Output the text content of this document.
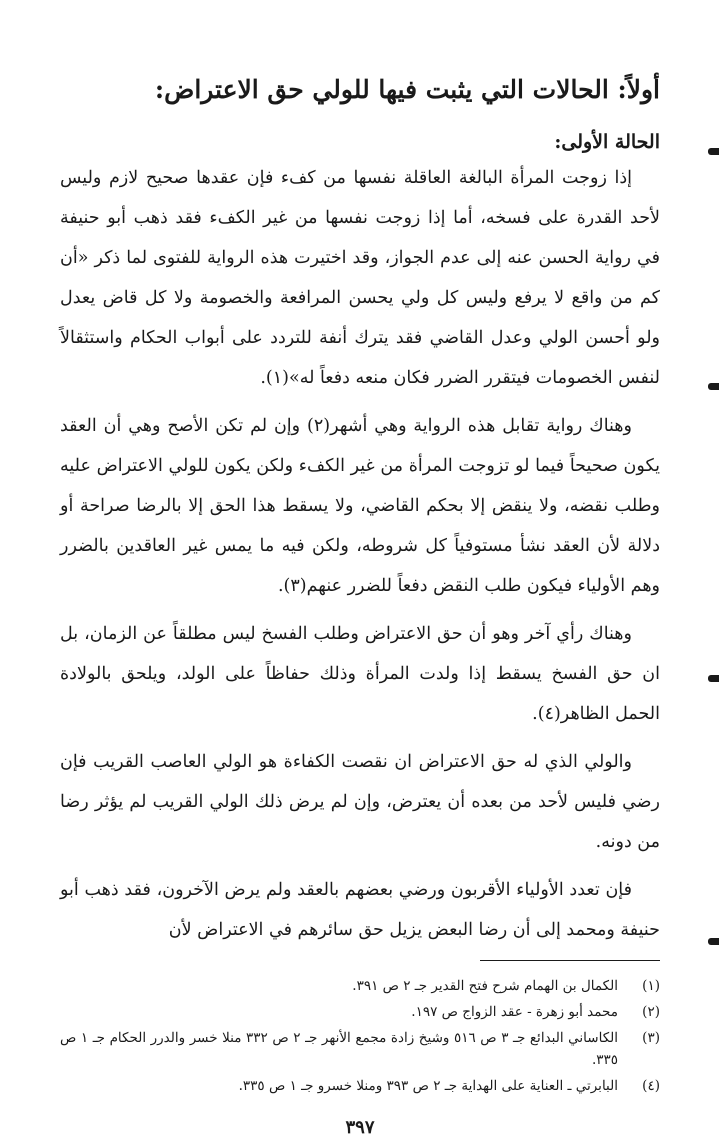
أولاً: الحالات التي يثبت فيها للولي حق الاعتراض:
الحالة الأولى:

إذا زوجت المرأة البالغة العاقلة نفسها من كفء فإن عقدها صحيح لازم وليس لأحد القدرة على فسخه، أما إذا زوجت نفسها من غير الكفء فقد ذهب أبو حنيفة في رواية الحسن عنه إلى عدم الجواز، وقد اختيرت هذه الرواية للفتوى لما ذكر «أن كم من واقع لا يرفع وليس كل ولي يحسن المرافعة والخصومة ولا كل قاض يعدل ولو أحسن الولي وعدل القاضي فقد يترك أنفة للتردد على أبواب الحكام واستثقالاً لنفس الخصومات فيتقرر الضرر فكان منعه دفعاً له»(١).

وهناك رواية تقابل هذه الرواية وهي أشهر(٢) وإن لم تكن الأصح وهي أن العقد يكون صحيحاً فيما لو تزوجت المرأة من غير الكفء ولكن يكون للولي الاعتراض عليه وطلب نقضه، ولا ينقض إلا بحكم القاضي، ولا يسقط هذا الحق إلا بالرضا صراحة أو دلالة لأن العقد نشأ مستوفياً كل شروطه، ولكن فيه ما يمس غير العاقدين بالضرر وهم الأولياء فيكون طلب النقض دفعاً للضرر عنهم(٣).

وهناك رأي آخر وهو أن حق الاعتراض وطلب الفسخ ليس مطلقاً عن الزمان، بل ان حق الفسخ يسقط إذا ولدت المرأة وذلك حفاظاً على الولد، ويلحق بالولادة الحمل الظاهر(٤).

والولي الذي له حق الاعتراض ان نقصت الكفاءة هو الولي العاصب القريب فإن رضي فليس لأحد من بعده أن يعترض، وإن لم يرض ذلك الولي القريب لم يؤثر رضا من دونه.

فإن تعدد الأولياء الأقربون ورضي بعضهم بالعقد ولم يرض الآخرون، فقد ذهب أبو حنيفة ومحمد إلى أن رضا البعض يزيل حق سائرهم في الاعتراض لأن

(١)
الكمال بن الهمام شرح فتح القدير جـ ٢ ص ٣٩١.
(٢)
محمد أبو زهرة - عقد الزواج ص ١٩٧.
(٣)
الكاساني البدائع جـ ٣ ص ٥١٦ وشيخ زادة مجمع الأنهر جـ ٢ ص ٣٣٢ منلا خسر والدرر الحكام جـ ١ ص ٣٣٥.
(٤)
البابرتي ـ العناية على الهداية جـ ٢ ص ٣٩٣ ومنلا خسرو جـ ١ ص ٣٣٥.
٣٩٧
